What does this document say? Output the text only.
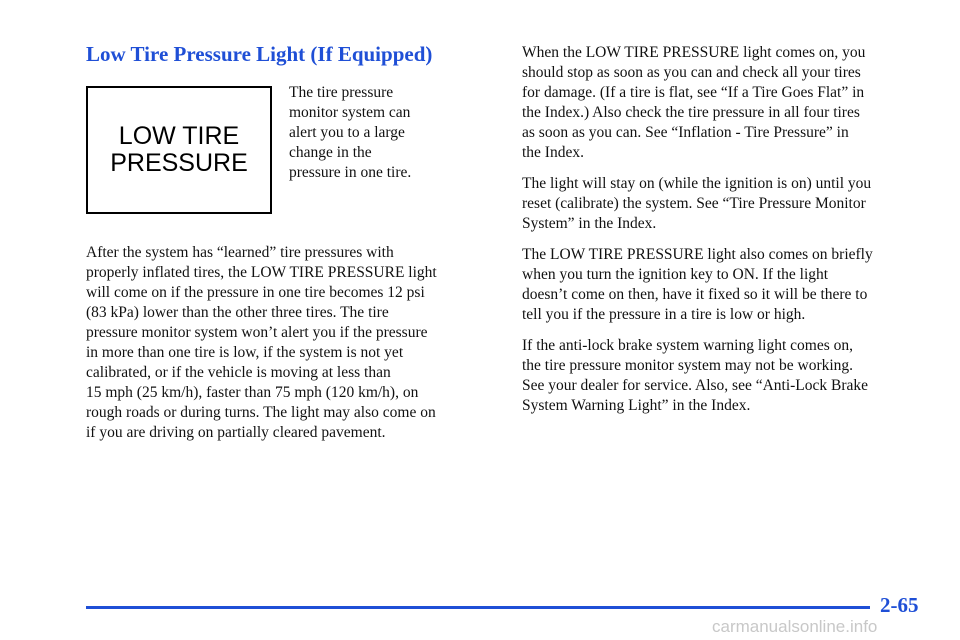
Low Tire Pressure Light (If Equipped)
LOW TIRE
PRESSURE
The tire pressure
monitor system can
alert you to a large
change in the
pressure in one tire.
After the system has “learned” tire pressures with
properly inflated tires, the LOW TIRE PRESSURE light
will come on if the pressure in one tire becomes 12 psi
(83 kPa) lower than the other three tires. The tire
pressure monitor system won’t alert you if the pressure
in more than one tire is low, if the system is not yet
calibrated, or if the vehicle is moving at less than
15 mph (25 km/h), faster than 75 mph (120 km/h), on
rough roads or during turns. The light may also come on
if you are driving on partially cleared pavement.

When the LOW TIRE PRESSURE light comes on, you
should stop as soon as you can and check all your tires
for damage. (If a tire is flat, see “If a Tire Goes Flat” in
the Index.) Also check the tire pressure in all four tires
as soon as you can. See “Inflation - Tire Pressure” in
the Index.

The light will stay on (while the ignition is on) until you
reset (calibrate) the system. See “Tire Pressure Monitor
System” in the Index.

The LOW TIRE PRESSURE light also comes on briefly
when you turn the ignition key to ON. If the light
doesn’t come on then, have it fixed so it will be there to
tell you if the pressure in a tire is low or high.

If the anti-lock brake system warning light comes on,
the tire pressure monitor system may not be working.
See your dealer for service. Also, see “Anti-Lock Brake
System Warning Light” in the Index.

2-65
carmanualsonline.info
